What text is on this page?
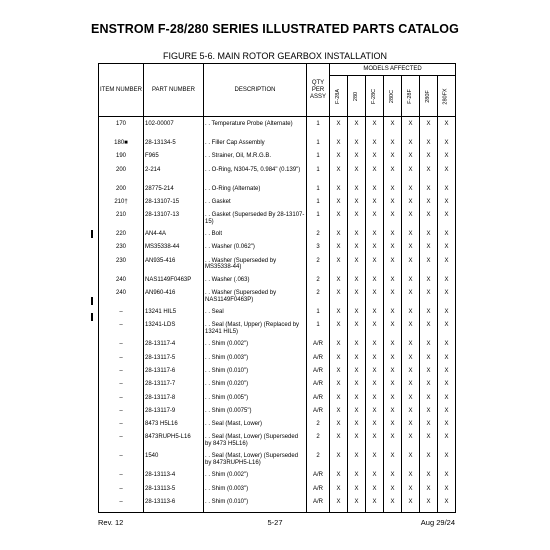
ENSTROM F-28/280 SERIES ILLUSTRATED PARTS CATALOG
FIGURE 5-6. MAIN ROTOR GEARBOX INSTALLATION
ITEM NUMBER	PART NUMBER	DESCRIPTION	QTY PER ASSY	MODELS AFFECTED						
				F-28A	280	F-28C	280C	F-28F	280F	280FX

170	102-00007	. . Temperature Probe (Alternate)	1	X	X	X	X	X	X	X
180■	28-13134-5	. . Filler Cap Assembly	1	X	X	X	X	X	X	X
190	F965	. . Strainer, Oil, M.R.G.B.	1	X	X	X	X	X	X	X
200	2-214	. . O-Ring, N304-75, 0.984" (0.139")	1	X	X	X	X	X	X	X
200	28775-214	. . O-Ring (Alternate)	1	X	X	X	X	X	X	X
210†	28-13107-15	. . Gasket	1	X	X	X	X	X	X	X
210	28-13107-13	. . Gasket (Superseded By 28-13107-15)	1	X	X	X	X	X	X	X
220	AN4-4A	. . Bolt	2	X	X	X	X	X	X	X
230	MS35338-44	. . Washer (0.062")	3	X	X	X	X	X	X	X
230	AN935-416	. . Washer (Superseded by MS35338-44)	2	X	X	X	X	X	X	X
240	NAS1149F0463P	. . Washer (.063)	2	X	X	X	X	X	X	X
240	AN960-416	. . Washer (Superseded by NAS1149F0463P)	2	X	X	X	X	X	X	X
–	13241 HIL5	. . Seal	1	X	X	X	X	X	X	X
–	13241-LDS	. . Seal (Mast, Upper) (Replaced by 13241 HIL5)	1	X	X	X	X	X	X	X
–	28-13117-4	. . Shim (0.002")	A/R	X	X	X	X	X	X	X
–	28-13117-5	. . Shim (0.003")	A/R	X	X	X	X	X	X	X
–	28-13117-6	. . Shim (0.010")	A/R	X	X	X	X	X	X	X
–	28-13117-7	. . Shim (0.020")	A/R	X	X	X	X	X	X	X
–	28-13117-8	. . Shim (0.005")	A/R	X	X	X	X	X	X	X
–	28-13117-9	. . Shim (0.0075")	A/R	X	X	X	X	X	X	X
–	8473 H5L16	. . Seal (Mast, Lower)	2	X	X	X	X	X	X	X
–	8473RUPH5-L16	. . Seal (Mast, Lower) (Superseded by 8473 H5L16)	2	X	X	X	X	X	X	X
–	1540	. . Seal (Mast, Lower) (Superseded by 8473RUPH5-L16)	2	X	X	X	X	X	X	X
–	28-13113-4	. . Shim (0.002")	A/R	X	X	X	X	X	X	X
–	28-13113-5	. . Shim (0.003")	A/R	X	X	X	X	X	X	X
–	28-13113-6	. . Shim (0.010")	A/R	X	X	X	X	X	X	X
Rev. 12	5-27	Aug 29/24
